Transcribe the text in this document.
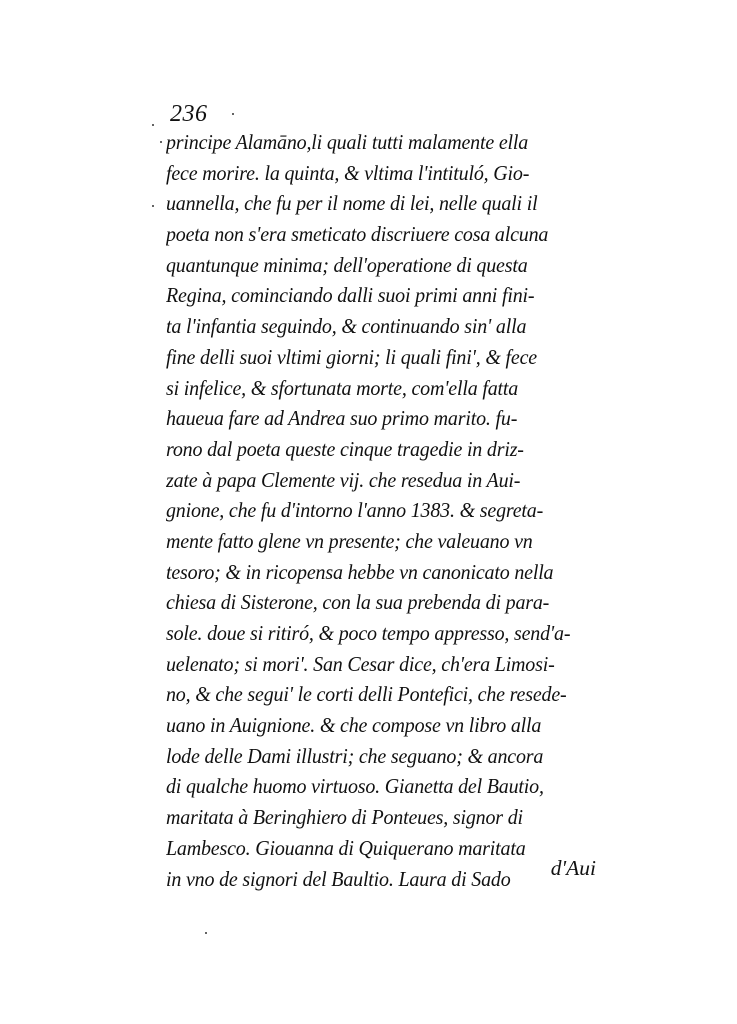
236
principe Alamāno,li quali tutti malamente ella
fece morire. la quinta, & vltima l'intituló, Gio-
uannella, che fu per il nome di lei, nelle quali il
poeta non s'era smeticato discriuere cosa alcuna
quantunque minima; dell'operatione di questa
Regina, cominciando dalli suoi primi anni fini-
ta l'infantia seguindo, & continuando sin' alla
fine delli suoi vltimi giorni; li quali fini', & fece
si infelice, & sfortunata morte, com'ella fatta
haueua fare ad Andrea suo primo marito. fu-
rono dal poeta queste cinque tragedie in driz-
zate à papa Clemente vij. che resedua in Aui-
gnione, che fu d'intorno l'anno 1383. & segreta-
mente fatto glene vn presente; che valeuano vn
tesoro; & in ricopensa hebbe vn canonicato nella
chiesa di Sisterone, con la sua prebenda di para-
sole. doue si ritiró, & poco tempo appresso, send'a-
uelenato; si mori'. San Cesar dice, ch'era Limosi-
no, & che segui' le corti delli Pontefici, che resede-
uano in Auignione. & che compose vn libro alla
lode delle Dami illustri; che seguano; & ancora
di qualche huomo virtuoso. Gianetta del Bautio,
maritata à Beringhiero di Ponteues, signor di
Lambesco. Giouanna di Quiquerano maritata
in vno de signori del Baultio. Laura di Sado	d'Aui
